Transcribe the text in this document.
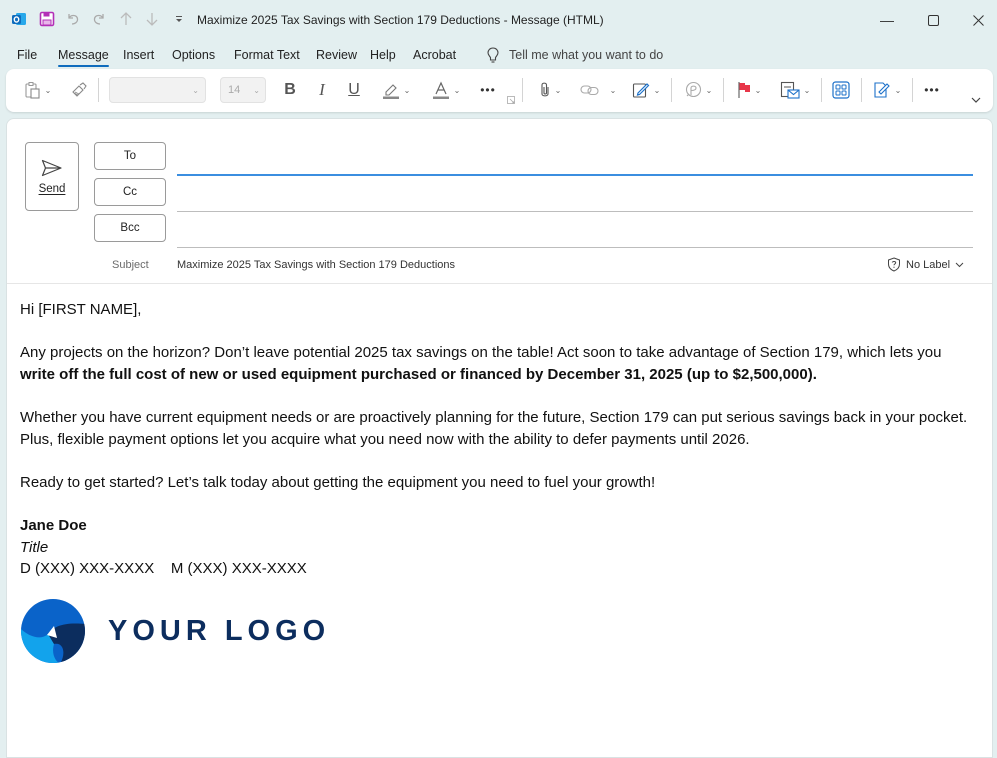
Maximize 2025 Tax Savings with Section 179 Deductions - Message (HTML)	—
File Message Insert Options Format Text Review Help Acrobat	Tell me what you want to do
⌄	⌄	14 ⌄ B	I	U	⌄	⌄	•••	⌄	⌄	⌄	⌄	⌄	⌄	⌄	•••
Send
To
Cc
Bcc
Subject	Maximize 2025 Tax Savings with Section 179 Deductions	No Label

Hi [FIRST NAME],

Any projects on the horizon? Don’t leave potential 2025 tax savings on the table! Act soon to take advantage of Section 179, which lets you write off the full cost of new or used equipment purchased or financed by December 31, 2025 (up to $2,500,000).

Whether you have current equipment needs or are proactively planning for the future, Section 179 can put serious savings back in your pocket. Plus, flexible payment options let you acquire what you need now with the ability to defer payments until 2026.

Ready to get started? Let’s talk today about getting the equipment you need to fuel your growth!

Jane Doe
Title
D (XXX) XXX-XXXX    M (XXX) XXX-XXXX
YOUR LOGO
